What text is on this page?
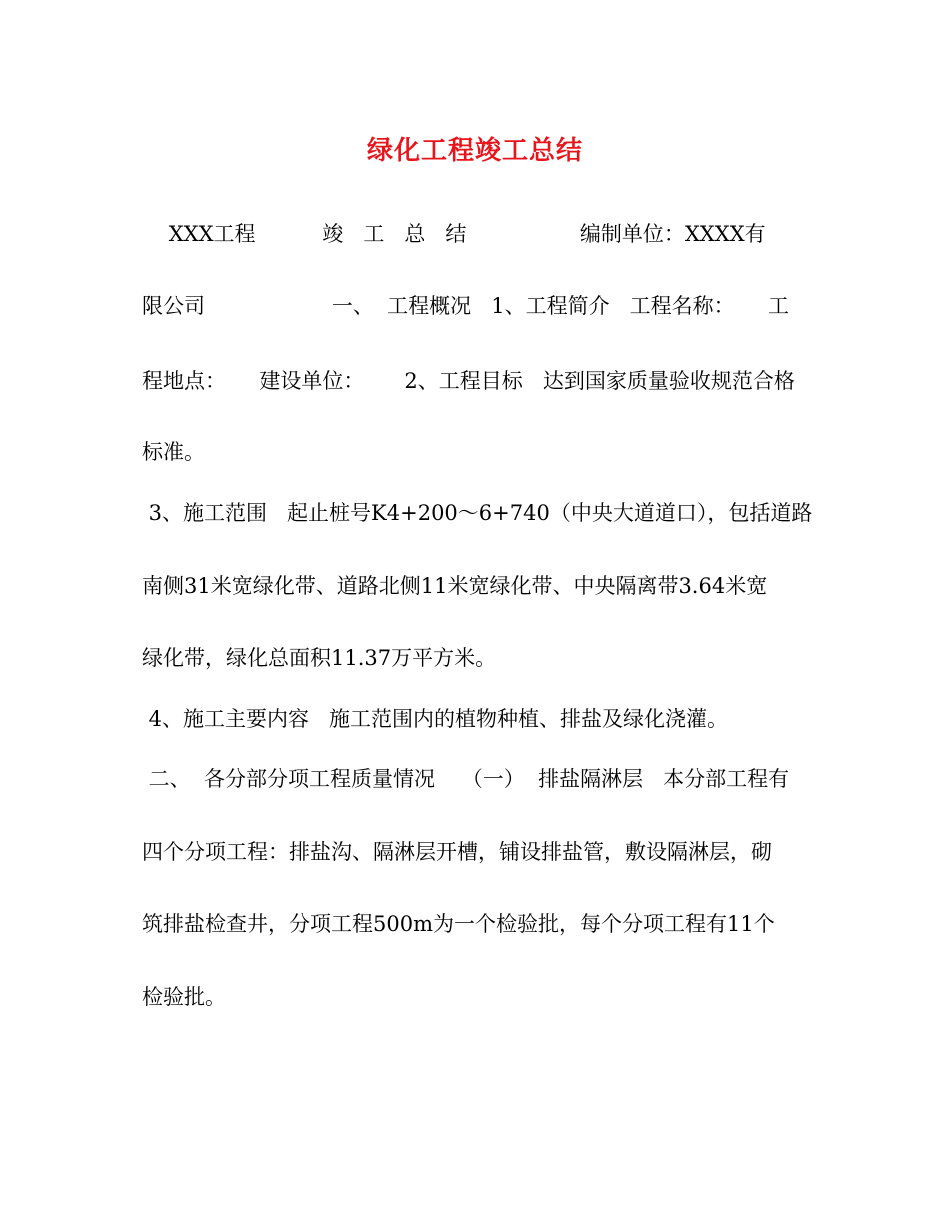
绿化工程竣工总结
XXX工程          竣   工   总   结                 编制单位：XXXX有
限公司                   一、  工程概况   1、工程简介   工程名称：     工
程地点：     建设单位：      2、工程目标   达到国家质量验收规范合格
标准。
3、施工范围   起止桩号K4+200～6+740（中央大道道口），包括道路
南侧31米宽绿化带、道路北侧11米宽绿化带、中央隔离带3.64米宽
绿化带，绿化总面积11.37万平方米。
4、施工主要内容   施工范围内的植物种植、排盐及绿化浇灌。
二、  各分部分项工程质量情况    （一）  排盐隔淋层   本分部工程有
四个分项工程：排盐沟、隔淋层开槽，铺设排盐管，敷设隔淋层，砌
筑排盐检查井，分项工程500m为一个检验批，每个分项工程有11个
检验批。
